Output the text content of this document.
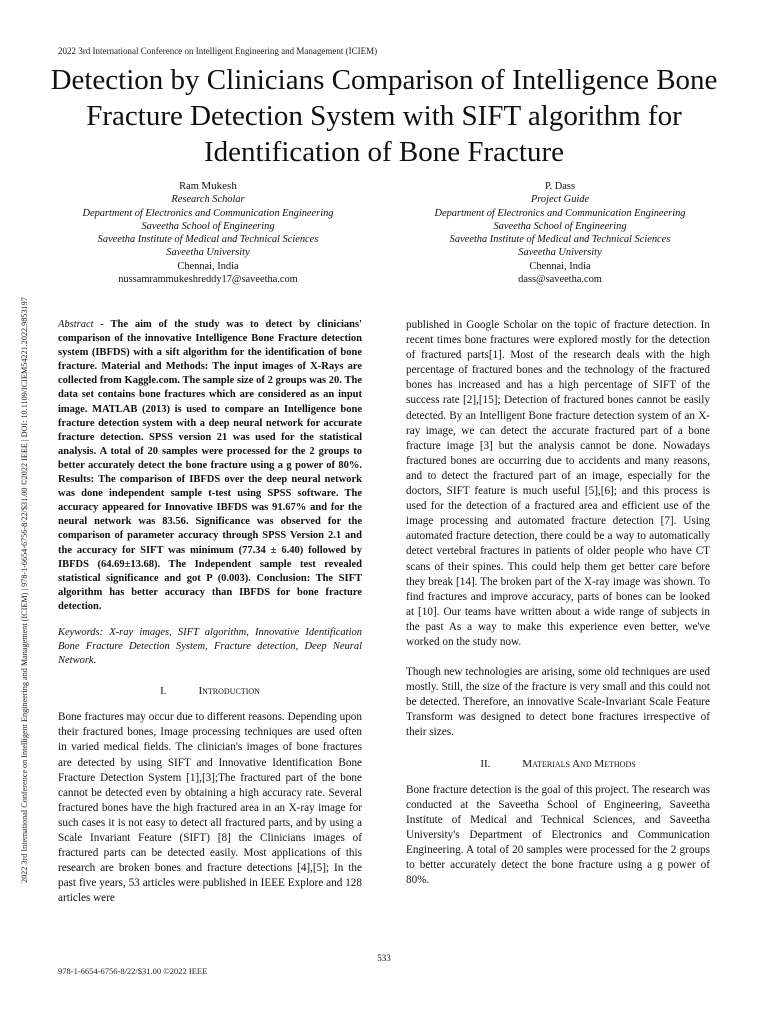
2022 3rd International Conference on Intelligent Engineering and Management (ICIEM)
2022 3rd International Conference on Intelligent Engineering and Management (ICIEM) | 978-1-6654-6756-8/22/$31.00 ©2022 IEEE | DOI: 10.1109/ICIEM54221.2022.9853197
Detection by Clinicians Comparison of Intelligence Bone Fracture Detection System with SIFT algorithm for Identification of Bone Fracture
Ram Mukesh
Research Scholar
Department of Electronics and Communication Engineering
Saveetha School of Engineering
Saveetha Institute of Medical and Technical Sciences
Saveetha University
Chennai, India
nussamrammukeshreddy17@saveetha.com
P. Dass
Project Guide
Department of Electronics and Communication Engineering
Saveetha School of Engineering
Saveetha Institute of Medical and Technical Sciences
Saveetha University
Chennai, India
dass@saveetha.com

Abstract - The aim of the study was to detect by clinicians' comparison of the innovative Intelligence Bone Fracture detection system (IBFDS) with a sift algorithm for the identification of bone fracture. Material and Methods: The input images of X-Rays are collected from Kaggle.com. The sample size of 2 groups was 20. The data set contains bone fractures which are considered as an input image. MATLAB (2013) is used to compare an Intelligence bone fracture detection system with a deep neural network for accurate fracture detection. SPSS version 21 was used for the statistical analysis. A total of 20 samples were processed for the 2 groups to better accurately detect the bone fracture using a g power of 80%. Results: The comparison of IBFDS over the deep neural network was done independent sample t-test using SPSS software. The accuracy appeared for Innovative IBFDS was 91.67% and for the neural network was 83.56. Significance was observed for the comparison of parameter accuracy through SPSS Version 2.1 and the accuracy for SIFT was minimum (77.34 ± 6.40) followed by IBFDS (64.69±13.68). The Independent sample test revealed statistical significance and got P (0.003). Conclusion: The SIFT algorithm has better accuracy than IBFDS for bone fracture detection.

Keywords: X-ray images, SIFT algorithm, Innovative Identification Bone Fracture Detection System, Fracture detection, Deep Neural Network.

I.	Introduction

Bone fractures may occur due to different reasons. Depending upon their fractured bones, Image processing techniques are used often in varied medical fields. The clinician's images of bone fractures are detected by using SIFT and Innovative Identification Bone Fracture Detection System [1],[3];The fractured part of the bone cannot be detected even by obtaining a high accuracy rate. Several fractured bones have the high fractured area in an X-ray image for such cases it is not easy to detect all fractured parts, and by using a Scale Invariant Feature (SIFT) [8] the Clinicians images of fractured parts can be detected easily. Most applications of this research are broken bones and fracture detections [4],[5]; In the past five years, 53 articles were published in IEEE Explore and 128 articles were

published in Google Scholar on the topic of fracture detection. In recent times bone fractures were explored mostly for the detection of fractured parts[1]. Most of the research deals with the high percentage of fractured bones and the technology of the fractured bones has increased and has a high percentage of SIFT of the success rate [2],[15]; Detection of fractured bones cannot be easily detected. By an Intelligent Bone fracture detection system of an X-ray image, we can detect the accurate fractured part of a bone fracture image [3] but the analysis cannot be done. Nowadays fractured bones are occurring due to accidents and many reasons, and to detect the fractured part of an image, especially for the doctors, SIFT feature is much useful [5],[6]; and this process is used for the detection of a fractured area and efficient use of the image processing and automated fracture detection [7]. Using automated fracture detection, there could be a way to automatically detect vertebral fractures in patients of older people who have CT scans of their spines. This could help them get better care before they break [14]. The broken part of the X-ray image was shown. To find fractures and improve accuracy, parts of bones can be looked at [10]. Our teams have written about a wide range of subjects in the past As a way to make this experience even better, we've worked on the study now.

Though new technologies are arising, some old techniques are used mostly. Still, the size of the fracture is very small and this could not be detected. Therefore, an innovative Scale-Invariant Scale Feature Transform was designed to detect bone fractures irrespective of their sizes.

II.	Materials And Methods

Bone fracture detection is the goal of this project. The research was conducted at the Saveetha School of Engineering, Saveetha Institute of Medical and Technical Sciences, and Saveetha University's Department of Electronics and Communication Engineering. A total of 20 samples were processed for the 2 groups to better accurately detect the bone fracture using a g power of 80%.

533
978-1-6654-6756-8/22/$31.00 ©2022 IEEE
